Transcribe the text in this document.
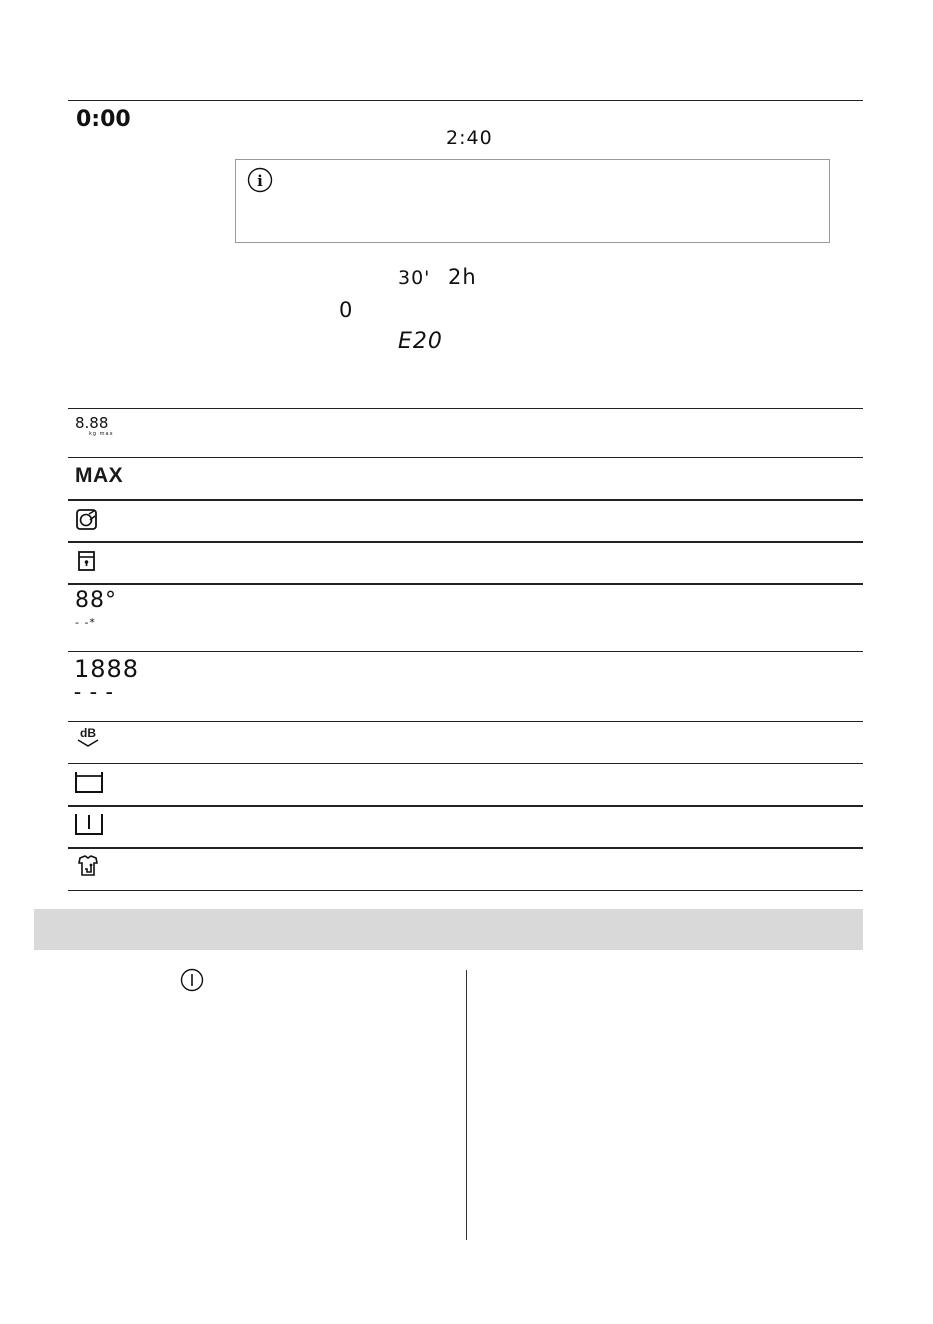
0:00
2:40
i
30' 2h
0
E20
8.88
kg max
MAX
88°
- -*
1888
– – –
dB
